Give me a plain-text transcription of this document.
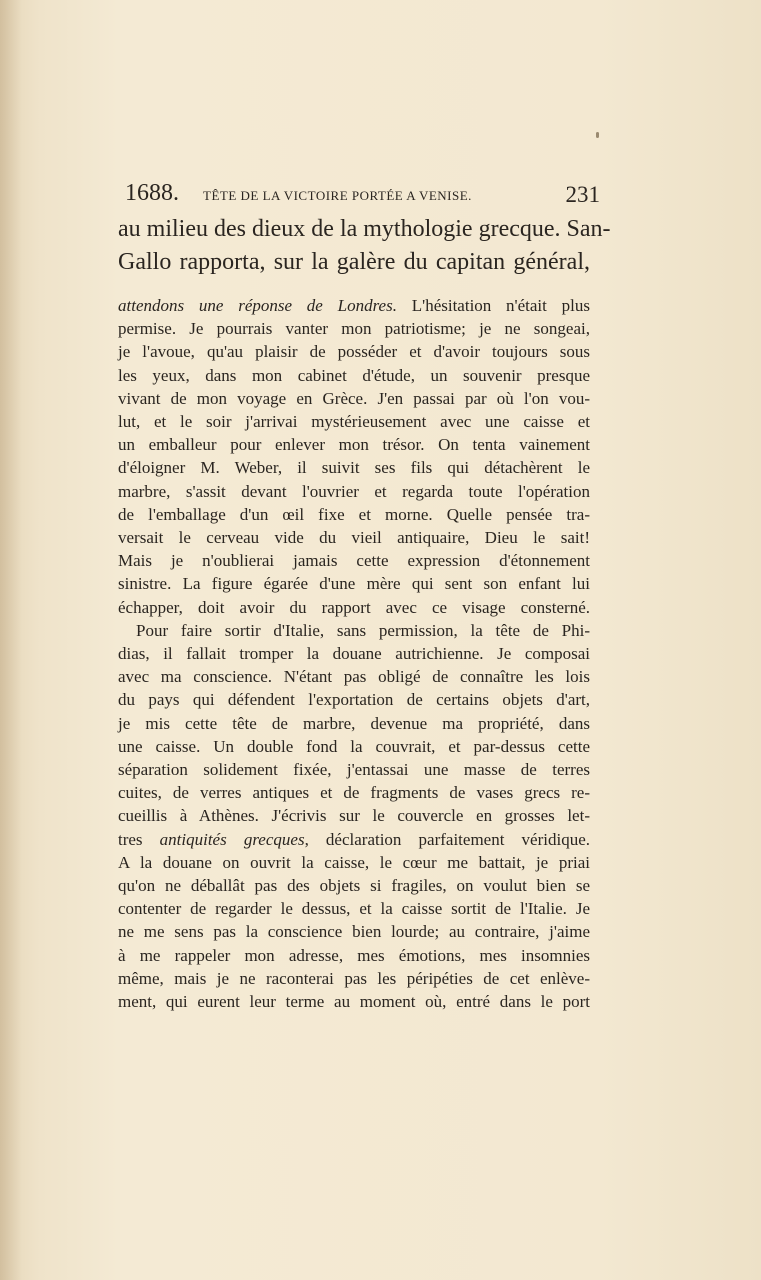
1688. TÊTE DE LA VICTOIRE PORTÉE A VENISE.	231
au milieu des dieux de la mythologie grecque. San-
Gallo rapporta, sur la galère du capitan général,
attendons une réponse de Londres. L'hésitation n'était plus
permise. Je pourrais vanter mon patriotisme; je ne songeai,
je l'avoue, qu'au plaisir de posséder et d'avoir toujours sous
les yeux, dans mon cabinet d'étude, un souvenir presque
vivant de mon voyage en Grèce. J'en passai par où l'on vou-
lut, et le soir j'arrivai mystérieusement avec une caisse et
un emballeur pour enlever mon trésor. On tenta vainement
d'éloigner M. Weber, il suivit ses fils qui détachèrent le
marbre, s'assit devant l'ouvrier et regarda toute l'opération
de l'emballage d'un œil fixe et morne. Quelle pensée tra-
versait le cerveau vide du vieil antiquaire, Dieu le sait!
Mais je n'oublierai jamais cette expression d'étonnement
sinistre. La figure égarée d'une mère qui sent son enfant lui
échapper, doit avoir du rapport avec ce visage consterné.
Pour faire sortir d'Italie, sans permission, la tête de Phi-
dias, il fallait tromper la douane autrichienne. Je composai
avec ma conscience. N'étant pas obligé de connaître les lois
du pays qui défendent l'exportation de certains objets d'art,
je mis cette tête de marbre, devenue ma propriété, dans
une caisse. Un double fond la couvrait, et par-dessus cette
séparation solidement fixée, j'entassai une masse de terres
cuites, de verres antiques et de fragments de vases grecs re-
cueillis à Athènes. J'écrivis sur le couvercle en grosses let-
tres antiquités grecques, déclaration parfaitement véridique.
A la douane on ouvrit la caisse, le cœur me battait, je priai
qu'on ne déballât pas des objets si fragiles, on voulut bien se
contenter de regarder le dessus, et la caisse sortit de l'Italie. Je
ne me sens pas la conscience bien lourde; au contraire, j'aime
à me rappeler mon adresse, mes émotions, mes insomnies
même, mais je ne raconterai pas les péripéties de cet enlève-
ment, qui eurent leur terme au moment où, entré dans le port
